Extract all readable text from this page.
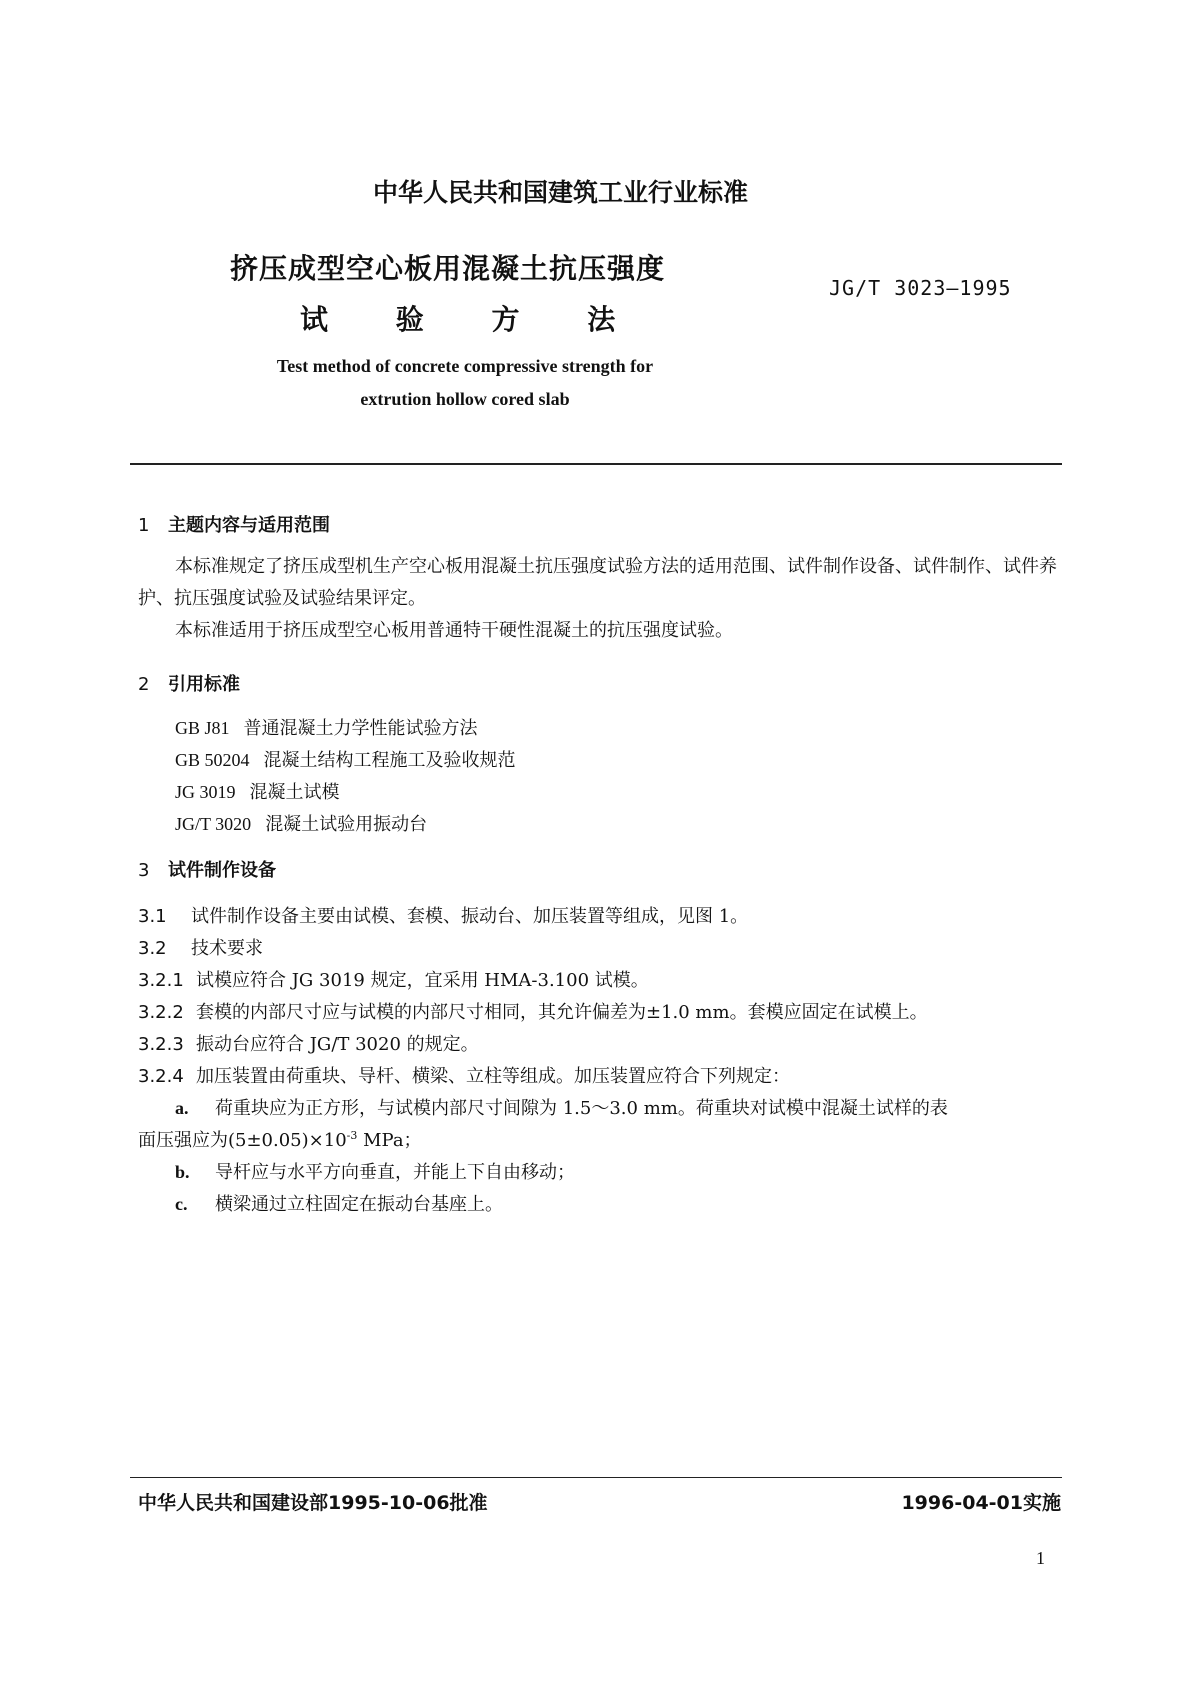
中华人民共和国建筑工业行业标准
挤压成型空心板用混凝土抗压强度
试 验 方 法
JG/T 3023—1995
Test method of concrete compressive strength for
extrution hollow cored slab
1 主题内容与适用范围
本标准规定了挤压成型机生产空心板用混凝土抗压强度试验方法的适用范围、试件制作设备、试件制作、试件养护、抗压强度试验及试验结果评定。
本标准适用于挤压成型空心板用普通特干硬性混凝土的抗压强度试验。
2 引用标准
GB J81 普通混凝土力学性能试验方法
GB 50204 混凝土结构工程施工及验收规范
JG 3019 混凝土试模
JG/T 3020 混凝土试验用振动台
3 试件制作设备
3.1 试件制作设备主要由试模、套模、振动台、加压装置等组成，见图 1。
3.2 技术要求
3.2.1 试模应符合 JG 3019 规定，宜采用 HMA-3.100 试模。
3.2.2 套模的内部尺寸应与试模的内部尺寸相同，其允许偏差为±1.0 mm。套模应固定在试模上。
3.2.3 振动台应符合 JG/T 3020 的规定。
3.2.4 加压装置由荷重块、导杆、横梁、立柱等组成。加压装置应符合下列规定：
a. 荷重块应为正方形，与试模内部尺寸间隙为 1.5～3.0 mm。荷重块对试模中混凝土试样的表
面压强应为$(5\pm 0.05)\times 10^{-3}$ MPa；
b. 导杆应与水平方向垂直，并能上下自由移动；
c. 横梁通过立柱固定在振动台基座上。
中华人民共和国建设部1995-10-06批准	1996-04-01实施
1
